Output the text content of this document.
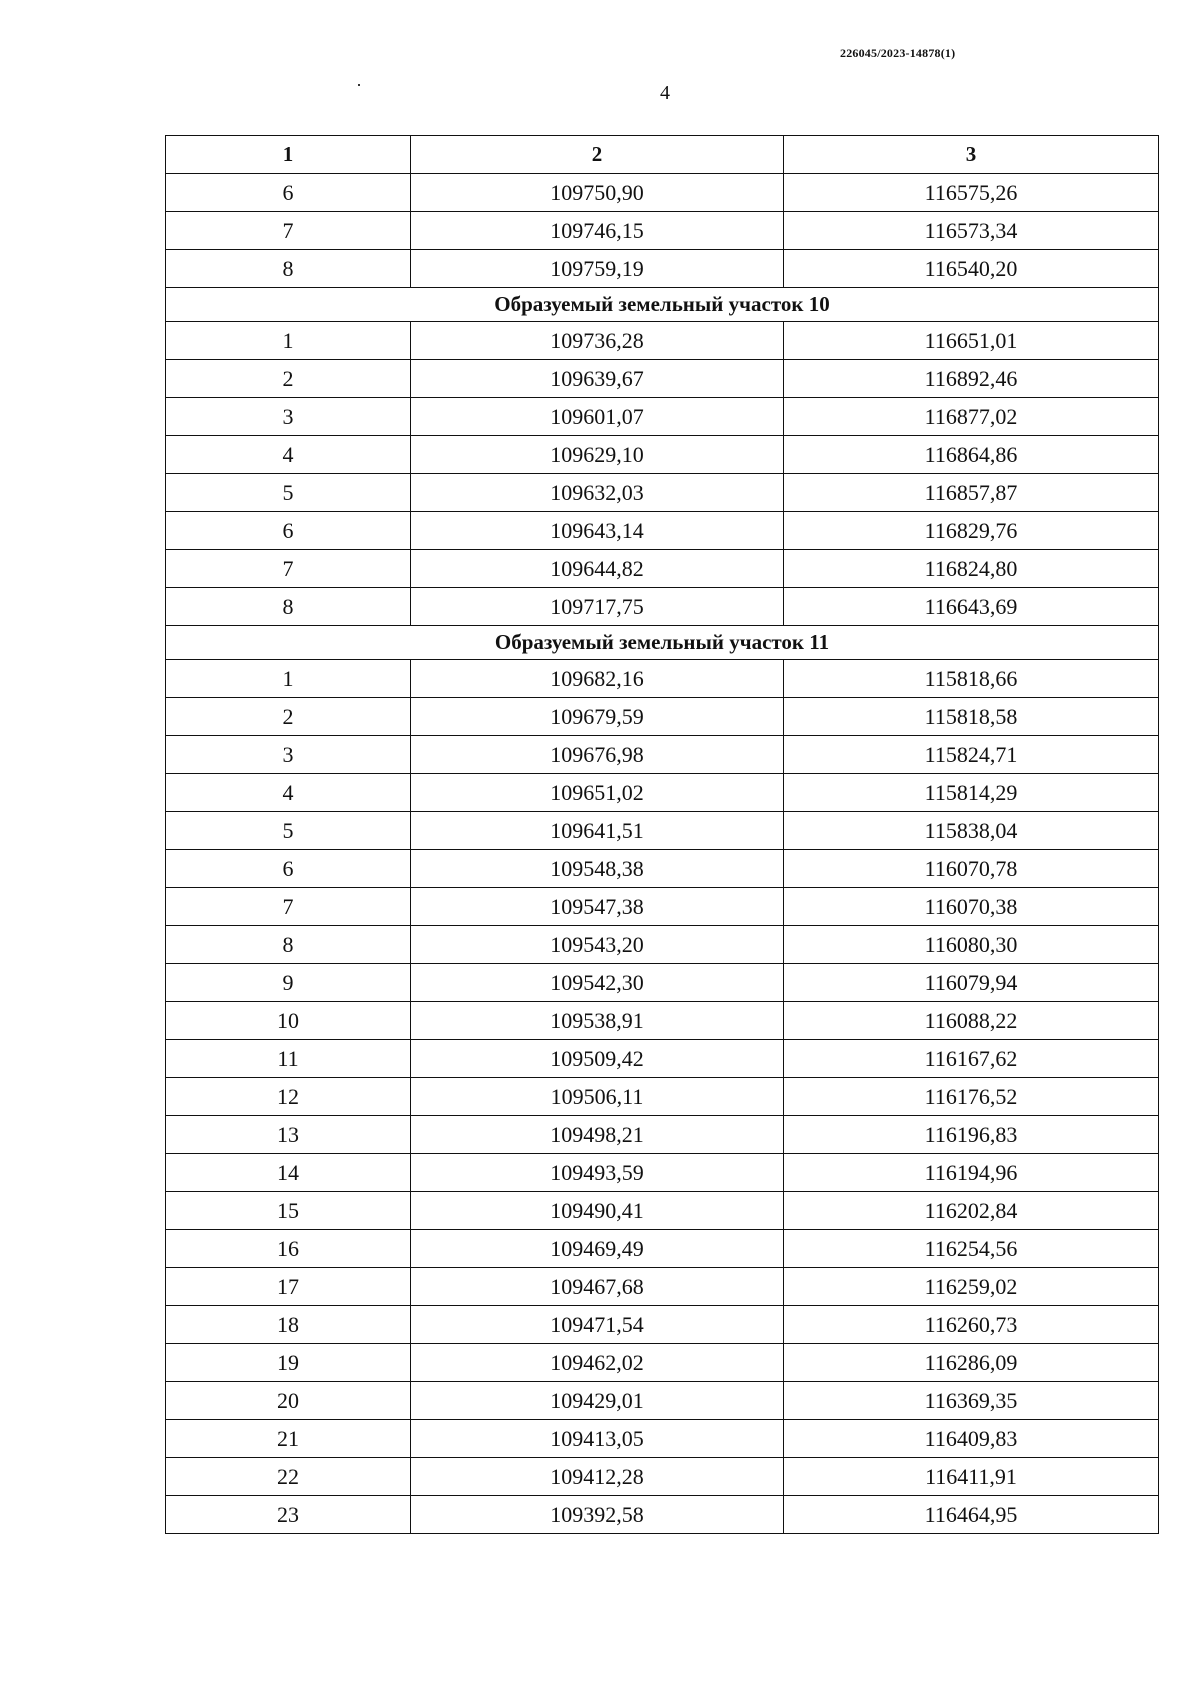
226045/2023-14878(1)
4
1	2	3
6	109750,90	116575,26
7	109746,15	116573,34
8	109759,19	116540,20
Образуемый земельный участок 10		
1	109736,28	116651,01
2	109639,67	116892,46
3	109601,07	116877,02
4	109629,10	116864,86
5	109632,03	116857,87
6	109643,14	116829,76
7	109644,82	116824,80
8	109717,75	116643,69
Образуемый земельный участок 11		
1	109682,16	115818,66
2	109679,59	115818,58
3	109676,98	115824,71
4	109651,02	115814,29
5	109641,51	115838,04
6	109548,38	116070,78
7	109547,38	116070,38
8	109543,20	116080,30
9	109542,30	116079,94
10	109538,91	116088,22
11	109509,42	116167,62
12	109506,11	116176,52
13	109498,21	116196,83
14	109493,59	116194,96
15	109490,41	116202,84
16	109469,49	116254,56
17	109467,68	116259,02
18	109471,54	116260,73
19	109462,02	116286,09
20	109429,01	116369,35
21	109413,05	116409,83
22	109412,28	116411,91
23	109392,58	116464,95
